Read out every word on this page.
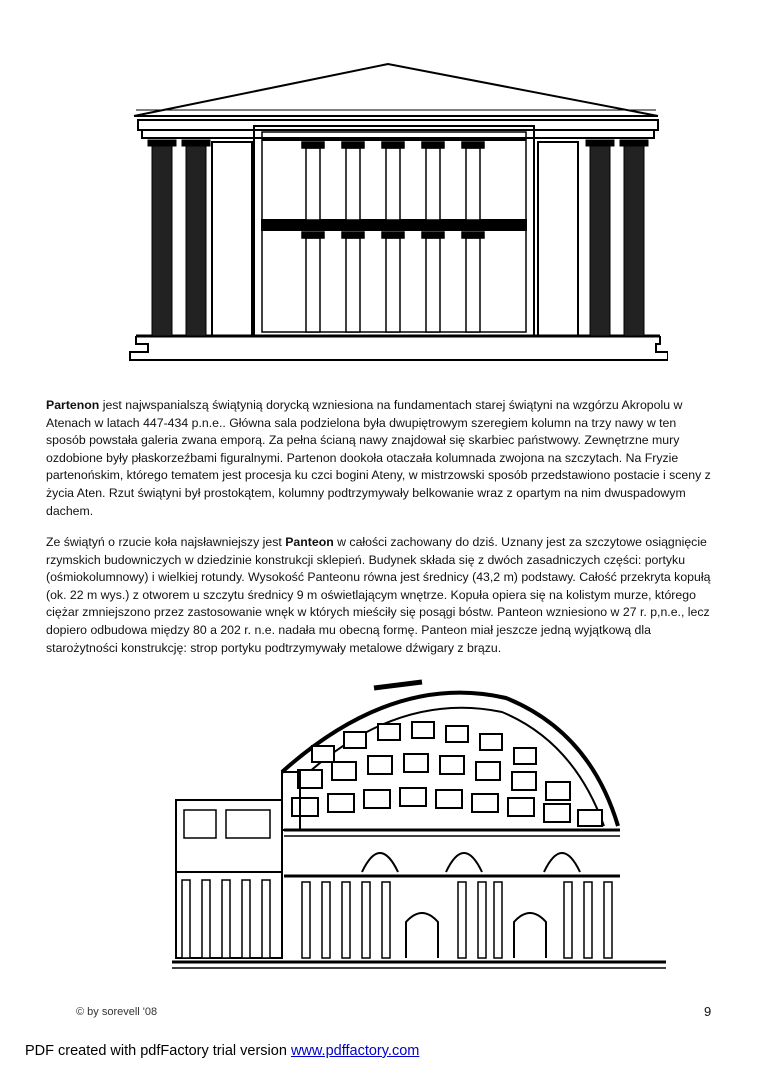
Partenon jest najwspanialszą świątynią dorycką wzniesiona na fundamentach starej świątyni na wzgórzu Akropolu w Atenach w latach 447-434 p.n.e.. Główna sala podzielona była dwupiętrowym szeregiem kolumn na trzy nawy w ten sposób powstała galeria zwana emporą. Za pełna ścianą nawy znajdował się skarbiec państwowy. Zewnętrzne mury ozdobione były płaskorzeźbami figuralnymi. Partenon dookoła otaczała kolumnada zwojona na szczytach. Na Fryzie partenońskim, którego tematem jest procesja ku czci bogini Ateny, w mistrzowski sposób przedstawiono postacie i sceny z życia Aten. Rzut świątyni był prostokątem, kolumny podtrzymywały belkowanie wraz z opartym na nim dwuspadowym dachem.

Ze świątyń o rzucie koła najsławniejszy jest Panteon w całości zachowany do dziś. Uznany jest za szczytowe osiągnięcie rzymskich budowniczych w dziedzinie konstrukcji sklepień. Budynek składa się z dwóch zasadniczych części: portyku (ośmiokolumnowy) i wielkiej rotundy. Wysokość Panteonu równa jest średnicy (43,2 m) podstawy. Całość przekryta kopułą (ok. 22 m wys.) z otworem u szczytu średnicy 9 m oświetlającym wnętrze. Kopuła opiera się na kolistym murze, którego ciężar zmniejszono przez zastosowanie wnęk w których mieściły się posągi bóstw. Panteon wzniesiono w 27 r. p,n.e., lecz dopiero odbudowa między 80 a 202 r. n.e. nadała mu obecną formę. Panteon miał jeszcze jedną wyjątkową dla starożytności konstrukcję: strop portyku podtrzymywały metalowe dźwigary z brązu.

© by sorevell '08	9
PDF created with pdfFactory trial version www.pdffactory.com
